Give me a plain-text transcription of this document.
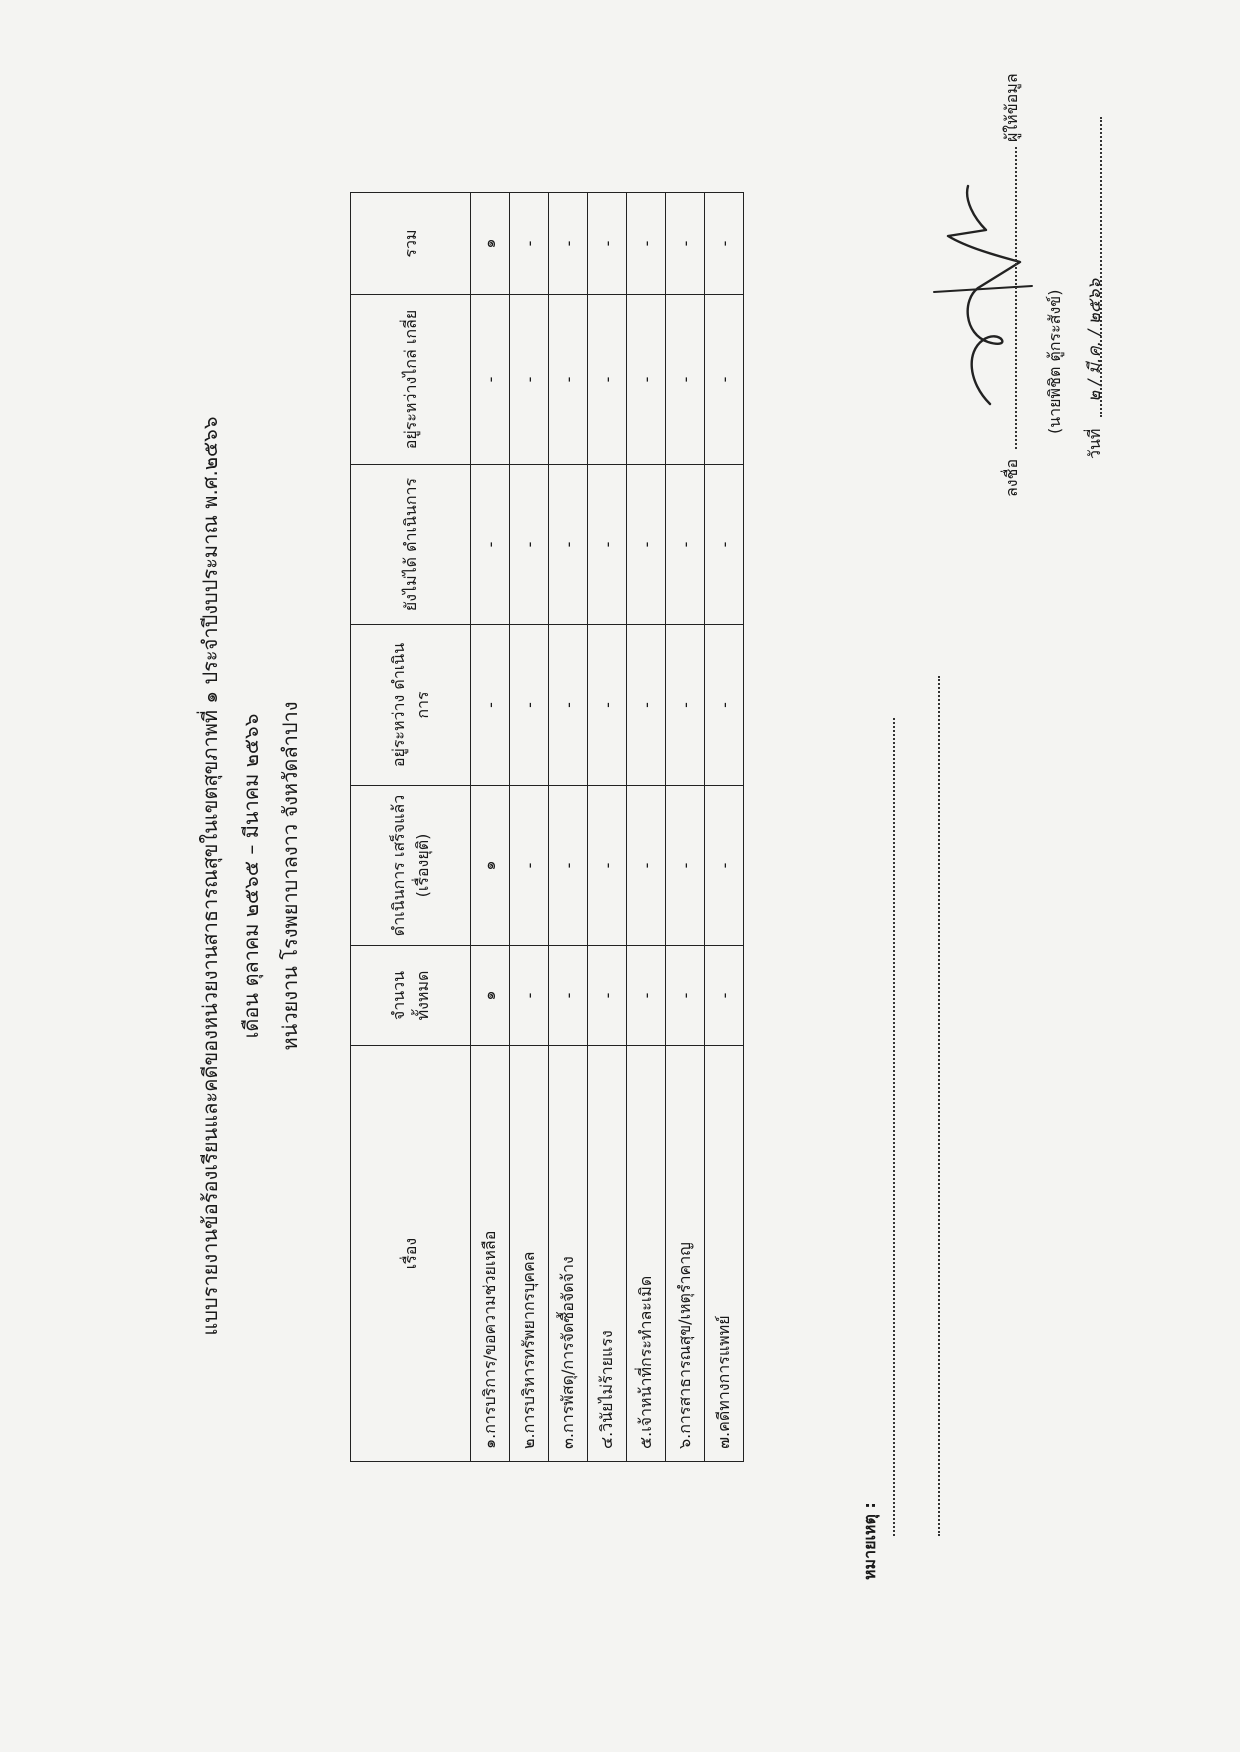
แบบรายงานข้อร้องเรียนและคดีของหน่วยงานสาธารณสุขในเขตสุขภาพที่ ๑ ประจำปีงบประมาณ พ.ศ.๒๕๖๖ เดือน ตุลาคม ๒๕๖๕ – มีนาคม ๒๕๖๖ หน่วยงาน โรงพยาบาลงาว จังหวัดลำปาง
เรื่อง	จำนวน ทั้งหมด	ดำเนินการ เสร็จแล้ว (เรื่องยุติ)	อยู่ระหว่าง ดำเนินการ	ยังไม่ได้ ดำเนินการ	อยู่ระหว่างไกล่ เกลี่ย	รวม
๑.การบริการ/ขอความช่วยเหลือ	๑	๑	-	-	-	๑
๒.การบริหารทรัพยากรบุคคล	-	-	-	-	-	-
๓.การพัสดุ/การจัดซื้อจัดจ้าง	-	-	-	-	-	-
๔.วินัยไม่ร้ายแรง	-	-	-	-	-	-
๕.เจ้าหน้าที่กระทำละเมิด	-	-	-	-	-	-
๖.การสาธารณสุข/เหตุรำคาญ	-	-	-	-	-	-
๗.คดีทางการแพทย์	-	-	-	-	-	-
หมายเหตุ :
ลงชื่อ
ผู้ให้ข้อมูล
(นายพิชิต ตู้กระสังข์)
วันที่
๒ / มี.ค. / ๒๕๖๖
